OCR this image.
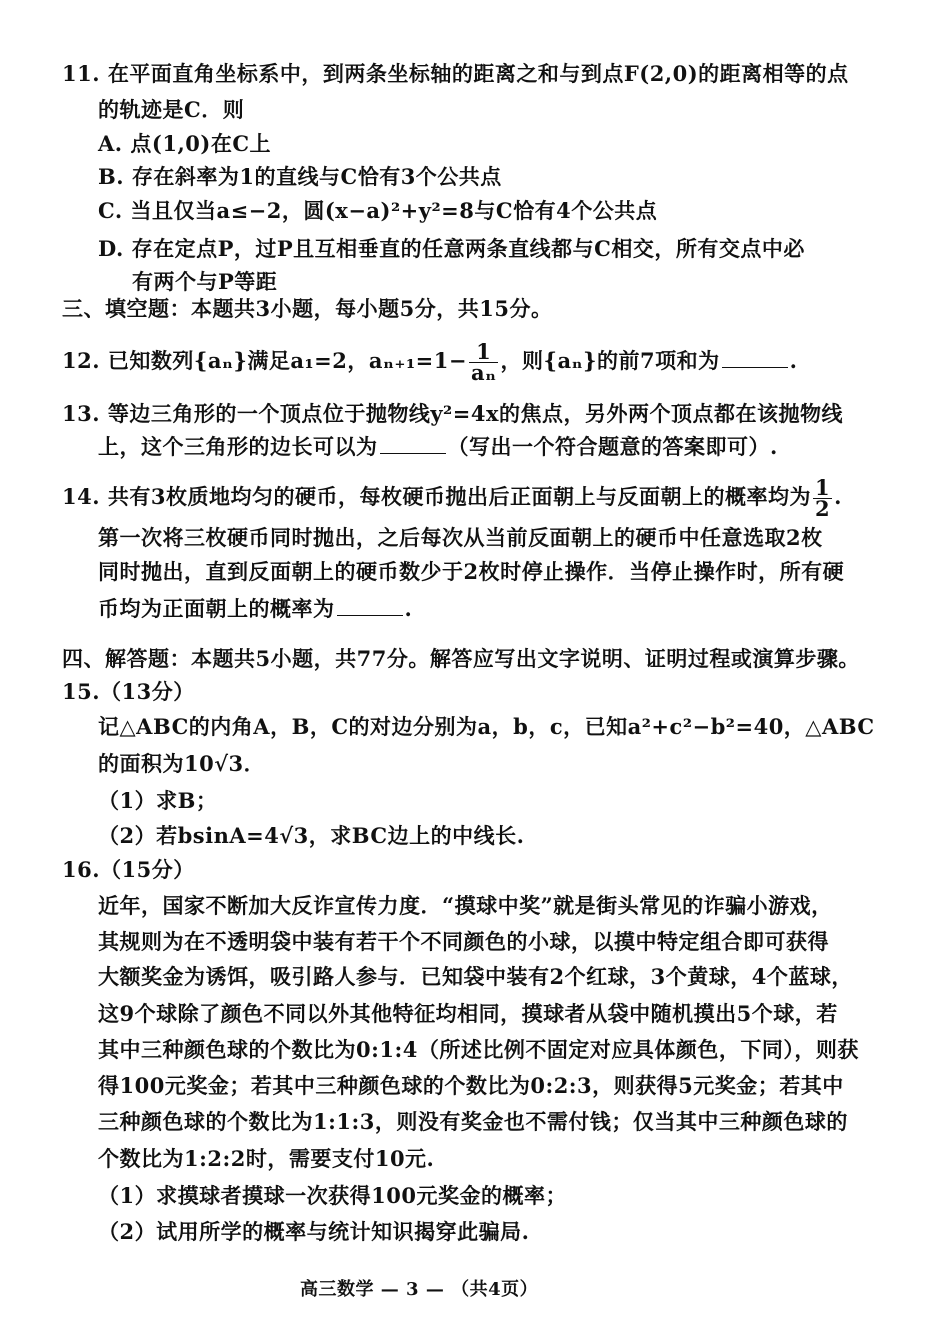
11. 在平面直角坐标系中，到两条坐标轴的距离之和与到点F(2,0)的距离相等的点
的轨迹是C．则
A. 点(1,0)在C上
B. 存在斜率为1的直线与C恰有3个公共点
C. 当且仅当a≤−2，圆(x−a)²+y²=8与C恰有4个公共点
D. 存在定点P，过P且互相垂直的任意两条直线都与C相交，所有交点中必
有两个与P等距
三、填空题：本题共3小题，每小题5分，共15分。
12. 已知数列{aₙ}满足a₁=2，$a_{n+1}=1- \frac{1}{\text{aₙ}}$ ，则{aₙ}的前7项和为	.
13. 等边三角形的一个顶点位于抛物线y²=4x的焦点，另外两个顶点都在该抛物线
上，这个三角形的边长可以为	（写出一个符合题意的答案即可）.
14. 共有3枚质地均匀的硬币，每枚硬币抛出后正面朝上与反面朝上的概率均为 $\frac{1}{2}$ .
第一次将三枚硬币同时抛出，之后每次从当前反面朝上的硬币中任意选取2枚
同时抛出，直到反面朝上的硬币数少于2枚时停止操作．当停止操作时，所有硬
币均为正面朝上的概率为	.
四、解答题：本题共5小题，共77分。解答应写出文字说明、证明过程或演算步骤。
15.（13分）
记△ABC的内角A，B，C的对边分别为a，b，c，已知a²+c²−b²=40，△ABC
的面积为10√3．
（1）求B；
（2）若bsinA=4√3，求BC边上的中线长.
16.（15分）
近年，国家不断加大反诈宣传力度．“摸球中奖”就是街头常见的诈骗小游戏，
其规则为在不透明袋中装有若干个不同颜色的小球，以摸中特定组合即可获得
大额奖金为诱饵，吸引路人参与．已知袋中装有2个红球，3个黄球，4个蓝球，
这9个球除了颜色不同以外其他特征均相同，摸球者从袋中随机摸出5个球，若
其中三种颜色球的个数比为0:1:4（所述比例不固定对应具体颜色，下同），则获
得100元奖金；若其中三种颜色球的个数比为0:2:3，则获得5元奖金；若其中
三种颜色球的个数比为1:1:3，则没有奖金也不需付钱；仅当其中三种颜色球的
个数比为1:2:2时，需要支付10元.
（1）求摸球者摸球一次获得100元奖金的概率；
（2）试用所学的概率与统计知识揭穿此骗局.
高三数学 — 3 — （共4页）
